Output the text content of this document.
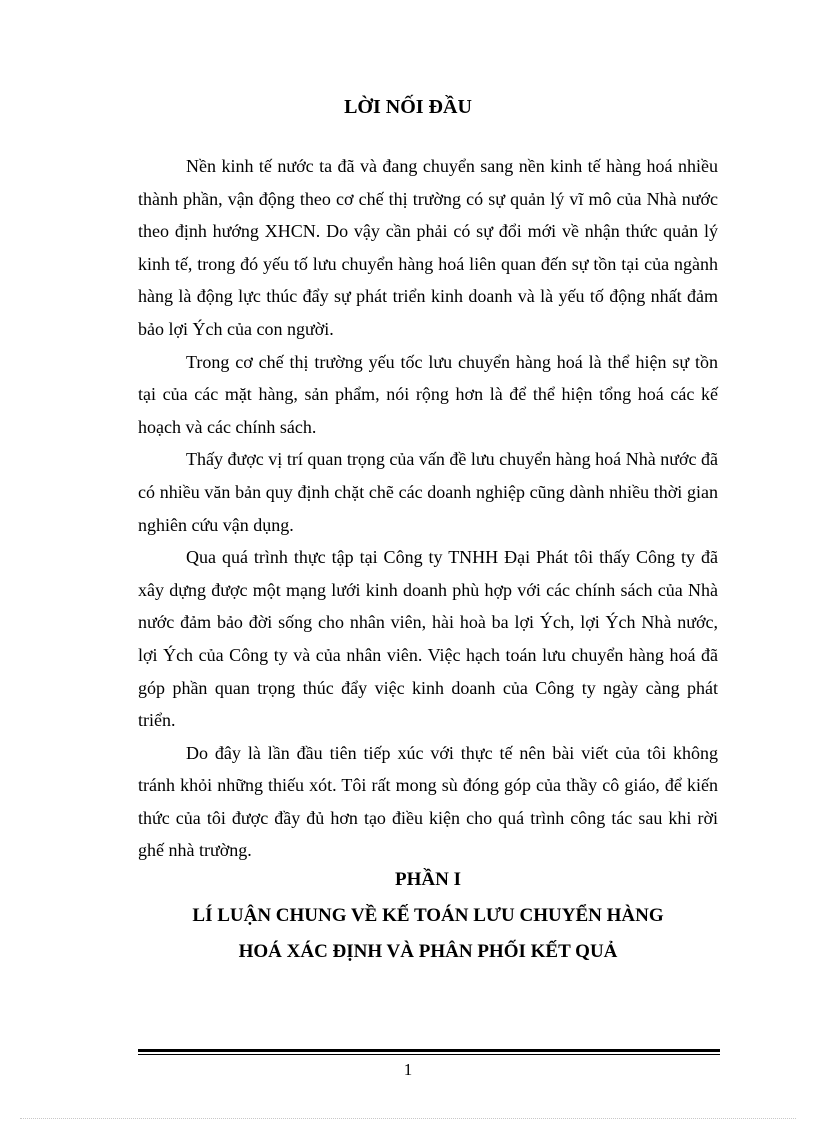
LỜI NỐI ĐẦU

Nền kinh tế nước ta đã và đang chuyển sang nền kinh tế hàng hoá nhiều thành phần, vận động theo cơ chế thị trường có sự quản lý vĩ mô của Nhà nước theo định hướng XHCN. Do vậy cần phải có sự đổi mới về nhận thức quản lý kinh tế, trong đó yếu tố lưu chuyển hàng hoá liên quan đến sự tồn tại của ngành hàng là động lực thúc đẩy sự phát triển kinh doanh và là yếu tố động nhất đảm bảo lợi Ých của con người.

Trong cơ chế thị trường yếu tốc lưu chuyển hàng hoá là thể hiện sự tồn tại của các mặt hàng, sản phẩm, nói rộng hơn là để thể hiện tổng hoá các kế hoạch và các chính sách.

Thấy được vị trí quan trọng của vấn đề lưu chuyển hàng hoá Nhà nước đã có nhiều văn bản quy định chặt chẽ các doanh nghiệp cũng dành nhiều thời gian nghiên cứu vận dụng.

Qua quá trình thực tập tại Công ty TNHH Đại Phát tôi thấy Công ty đã xây dựng được một mạng lưới kinh doanh phù hợp với các chính sách của Nhà nước đảm bảo đời sống cho nhân viên, hài hoà ba lợi Ých, lợi Ých Nhà nước, lợi Ých của Công ty và của nhân viên. Việc hạch toán lưu chuyển hàng hoá đã góp phần quan trọng thúc đẩy việc kinh doanh của Công ty ngày càng phát triển.

Do đây là lần đầu tiên tiếp xúc với thực tế nên bài viết của tôi không tránh khỏi những thiếu xót. Tôi rất mong sù đóng góp của thầy cô giáo, để kiến thức của tôi được đầy đủ hơn tạo điều kiện cho quá trình công tác sau khi rời ghế nhà trường.

PHẦN I
LÍ LUẬN CHUNG VỀ KẾ TOÁN LƯU CHUYỂN HÀNG
HOÁ XÁC ĐỊNH VÀ PHÂN PHỐI KẾT QUẢ
1
